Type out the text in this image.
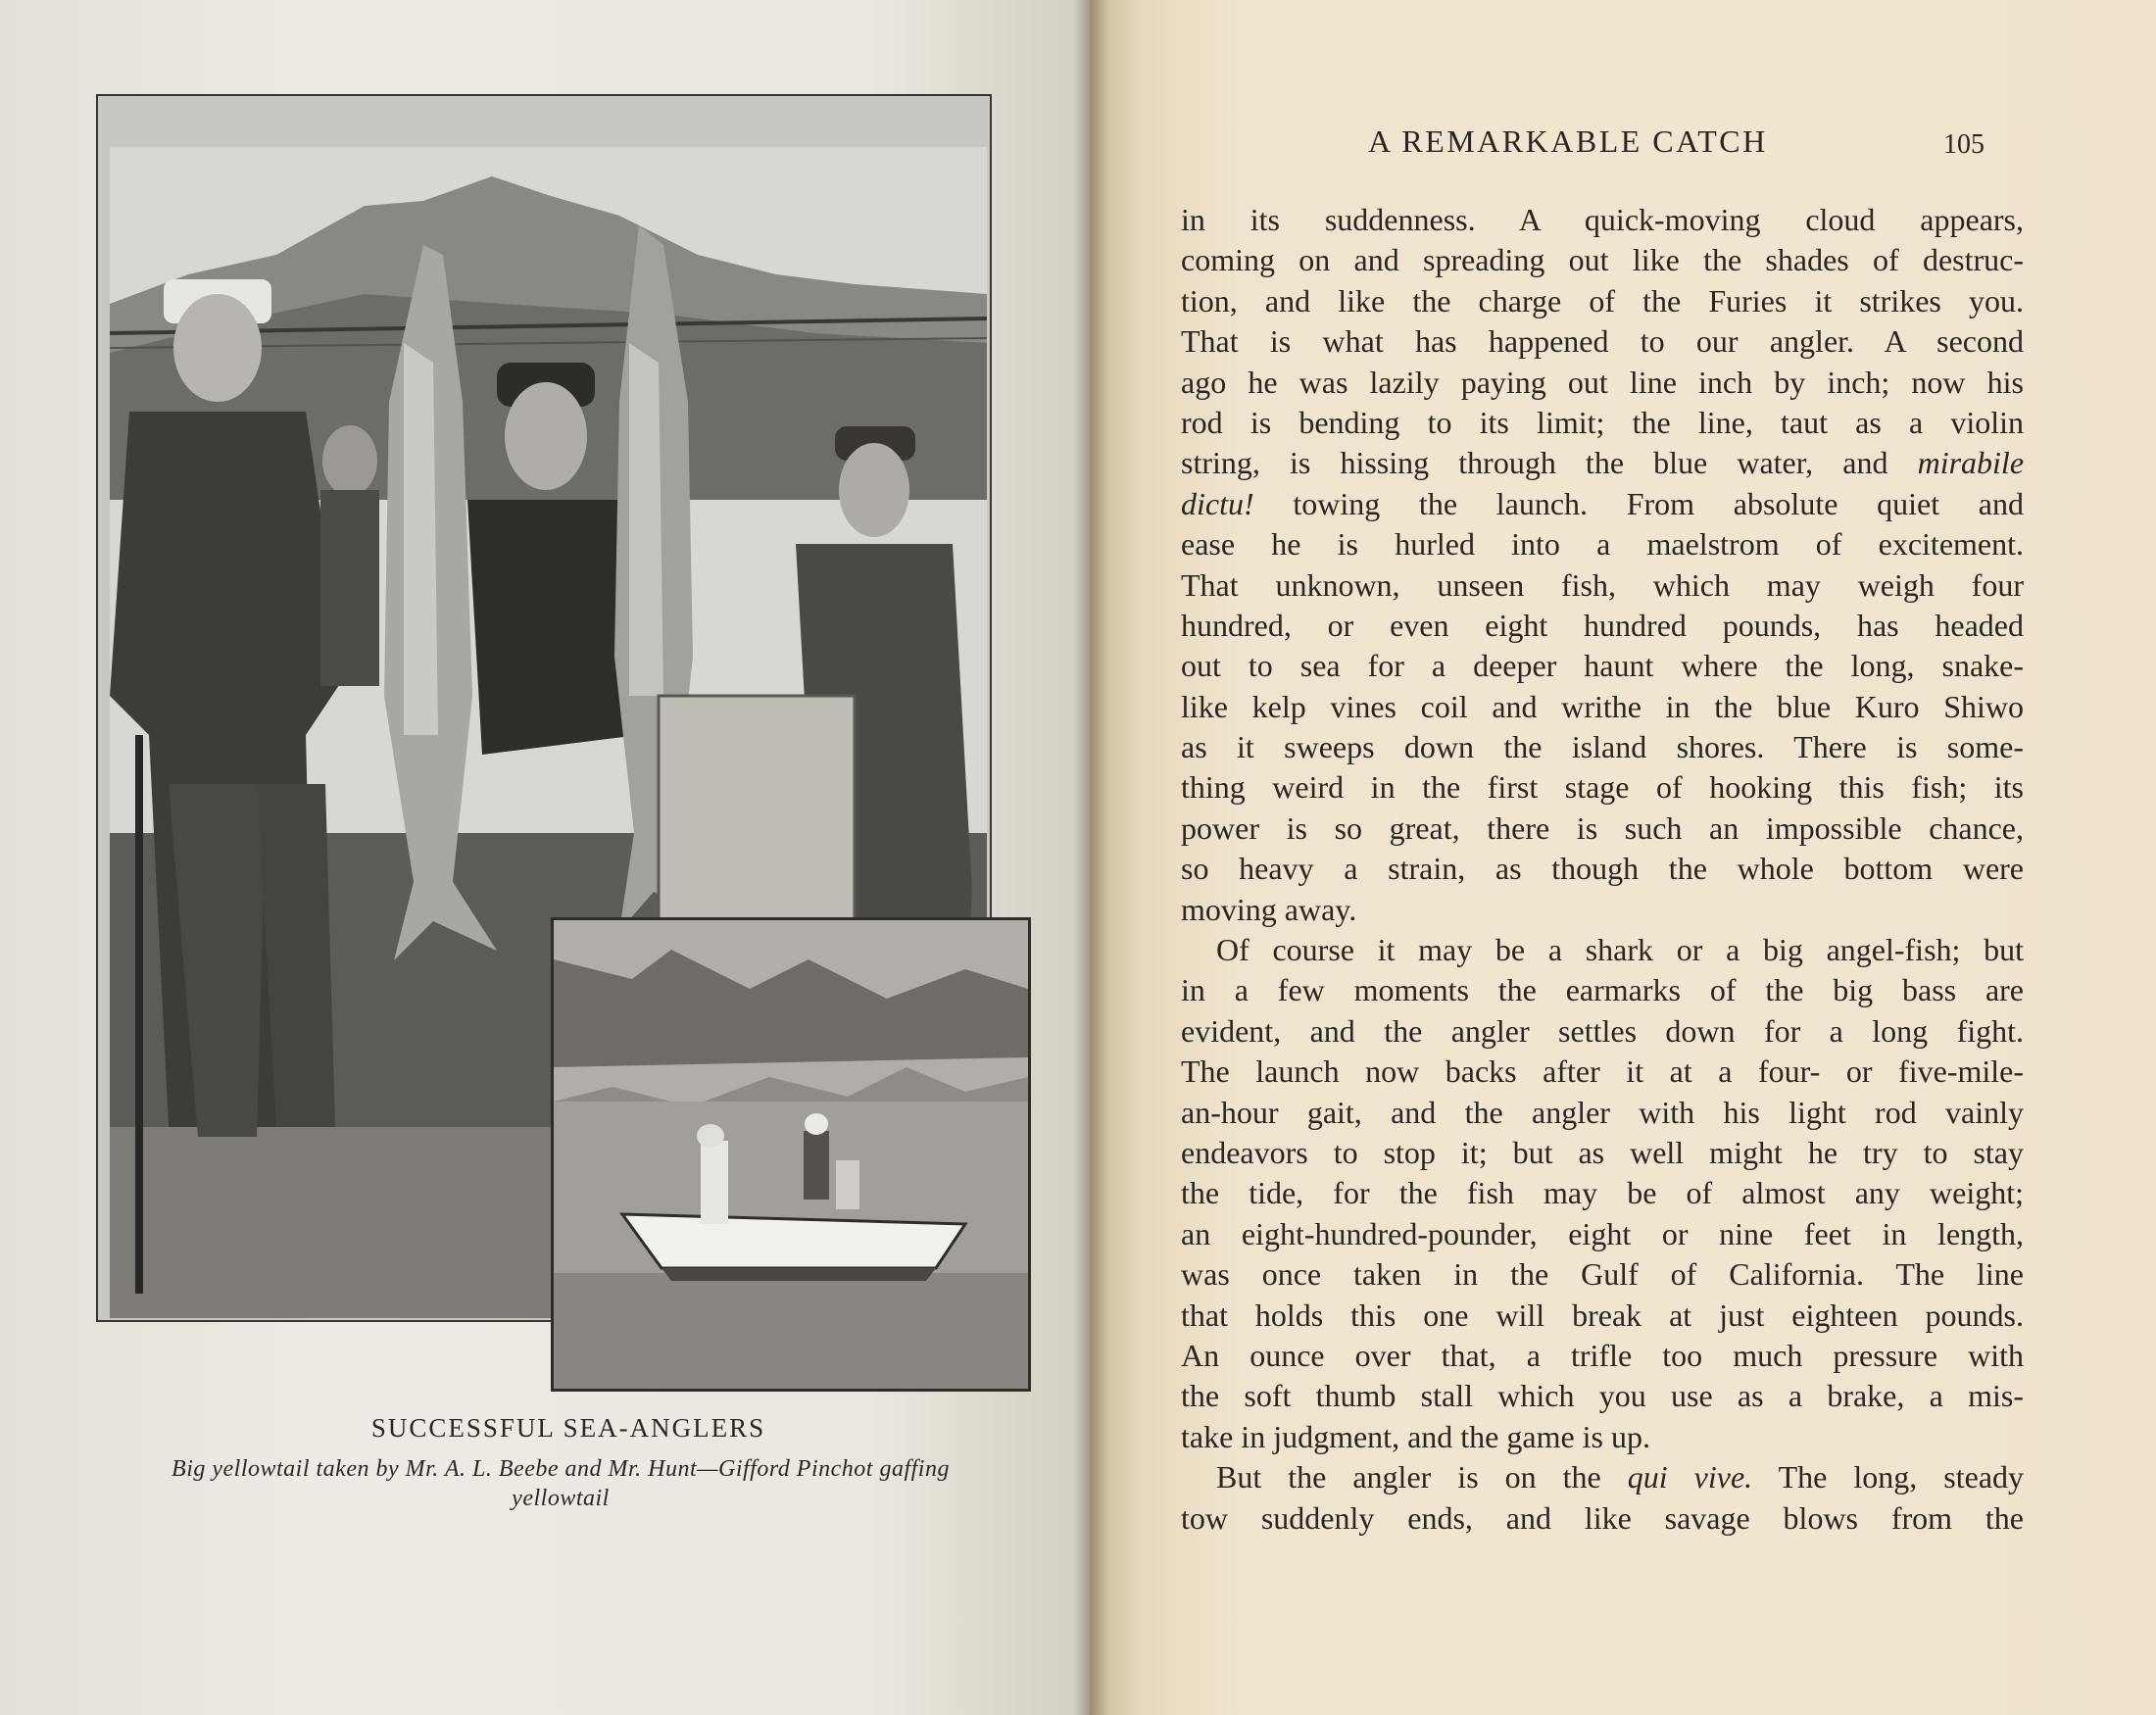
SUCCESSFUL SEA-ANGLERS
Big yellowtail taken by Mr. A. L. Beebe and Mr. Hunt—Gifford Pinchot gaffing
yellowtail
A REMARKABLE CATCH	105
in its suddenness. A quick-moving cloud appears,
coming on and spreading out like the shades of destruc-
tion, and like the charge of the Furies it strikes you.
That is what has happened to our angler. A second
ago he was lazily paying out line inch by inch; now his
rod is bending to its limit; the line, taut as a violin
string, is hissing through the blue water, and mirabile
dictu! towing the launch. From absolute quiet and
ease he is hurled into a maelstrom of excitement.
That unknown, unseen fish, which may weigh four
hundred, or even eight hundred pounds, has headed
out to sea for a deeper haunt where the long, snake-
like kelp vines coil and writhe in the blue Kuro Shiwo
as it sweeps down the island shores. There is some-
thing weird in the first stage of hooking this fish; its
power is so great, there is such an impossible chance,
so heavy a strain, as though the whole bottom were
moving away.
Of course it may be a shark or a big angel-fish; but
in a few moments the earmarks of the big bass are
evident, and the angler settles down for a long fight.
The launch now backs after it at a four- or five-mile-
an-hour gait, and the angler with his light rod vainly
endeavors to stop it; but as well might he try to stay
the tide, for the fish may be of almost any weight;
an eight-hundred-pounder, eight or nine feet in length,
was once taken in the Gulf of California. The line
that holds this one will break at just eighteen pounds.
An ounce over that, a trifle too much pressure with
the soft thumb stall which you use as a brake, a mis-
take in judgment, and the game is up.
But the angler is on the qui vive. The long, steady
tow suddenly ends, and like savage blows from the
